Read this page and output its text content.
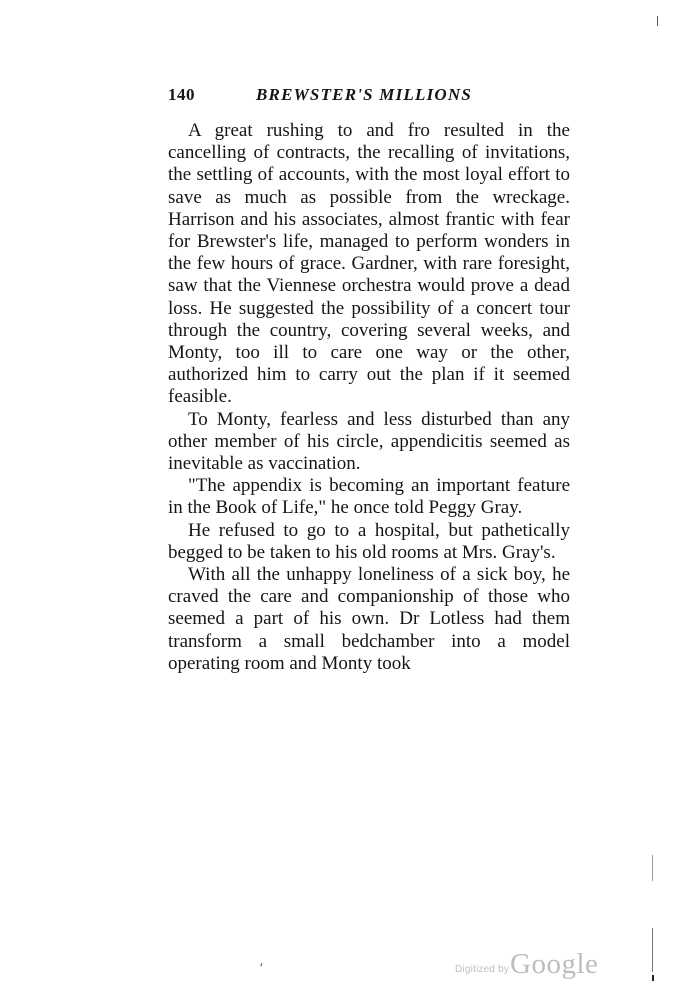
140	BREWSTER'S MILLIONS

A great rushing to and fro resulted in the cancelling of contracts, the recalling of invitations, the settling of accounts, with the most loyal effort to save as much as possible from the wreckage. Harrison and his associates, almost frantic with fear for Brewster's life, managed to perform wonders in the few hours of grace. Gardner, with rare foresight, saw that the Viennese orchestra would prove a dead loss. He suggested the possibility of a concert tour through the country, covering several weeks, and Monty, too ill to care one way or the other, authorized him to carry out the plan if it seemed feasible.

To Monty, fearless and less disturbed than any other member of his circle, appendicitis seemed as inevitable as vaccination.

"The appendix is becoming an important feature in the Book of Life," he once told Peggy Gray.

He refused to go to a hospital, but pathetically begged to be taken to his old rooms at Mrs. Gray's.

With all the unhappy loneliness of a sick boy, he craved the care and companionship of those who seemed a part of his own. Dr Lotless had them transform a small bedchamber into a model operating room and Monty took

′	Digitized by Google
